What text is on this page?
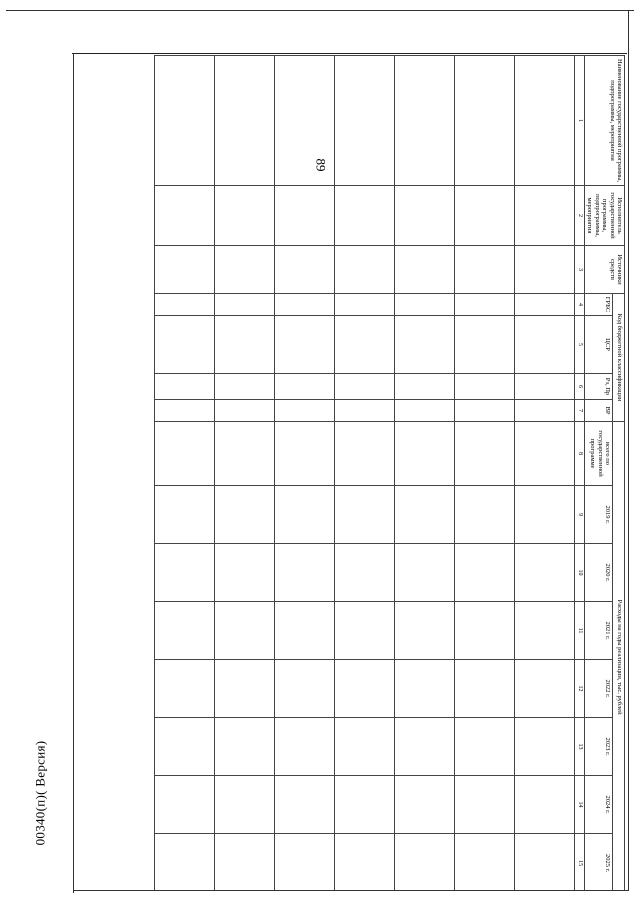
89
00340(п)( Версия)
Наименование государственной программы, подпрограммы, мероприятия	Исполнитель государственной программы, подпрограммы, мероприятия	Источники средств	Код бюджетной классификации				Расходы на годы реализации, тыс. рублей							
			ГРБС	ЦСР	Рз, Пр	ВР	всего по государственной программе	2019 г.	2020 г.	2021 г.	2022 г.	2023 г.	2024 г.	2025 г.
1	2	3	4	5	6	7	8	9	10	11	12	13	14	15
